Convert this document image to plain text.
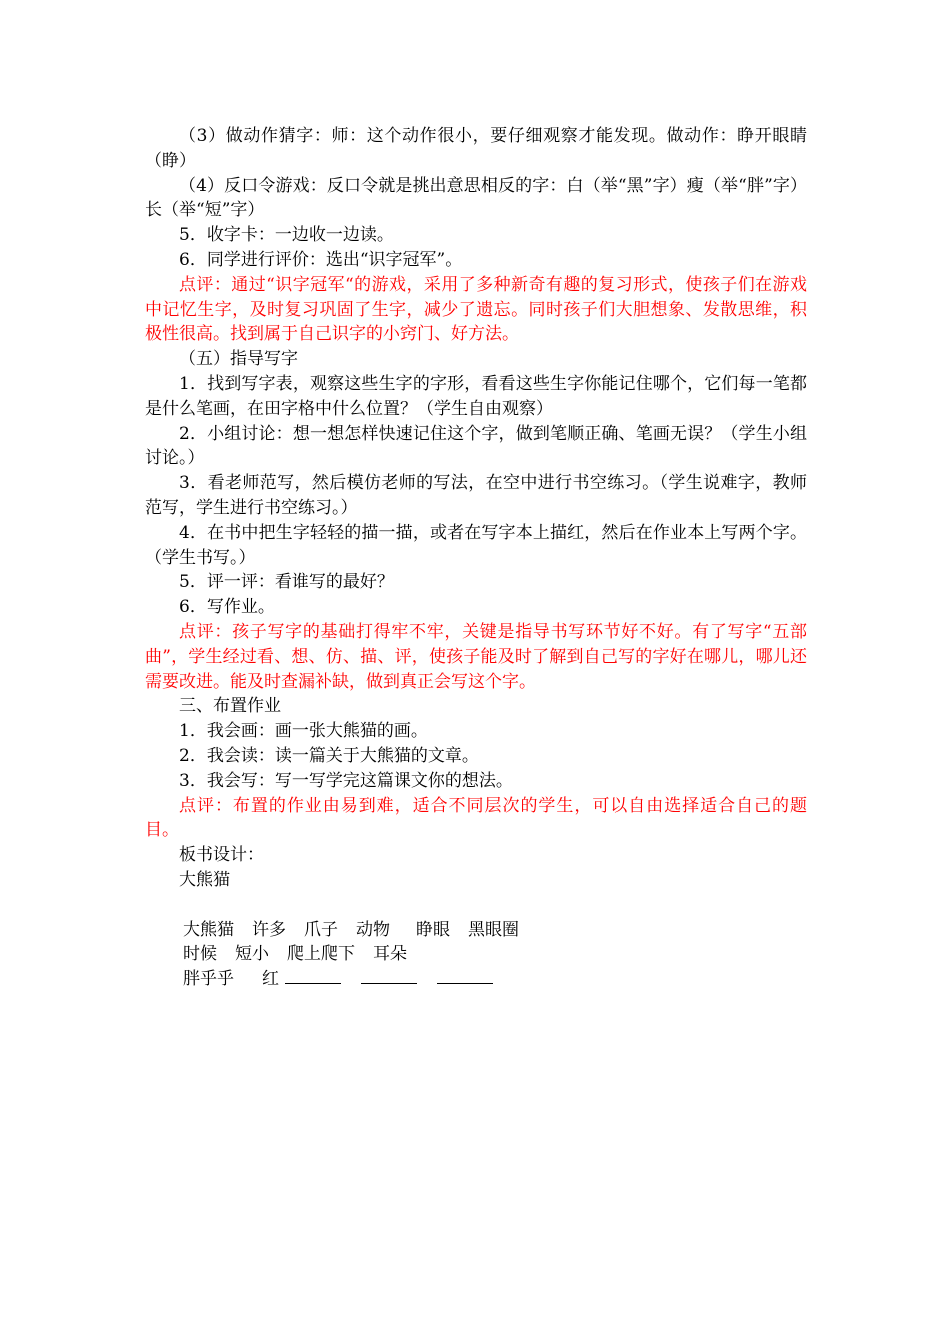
（3）做动作猜字：师：这个动作很小，要仔细观察才能发现。做动作：睁开眼睛（睁）

（4）反口令游戏：反口令就是挑出意思相反的字：白（举“黑”字）瘦（举“胖”字）长（举“短”字）

5．收字卡：一边收一边读。

6．同学进行评价：选出“识字冠军”。

点评：通过“识字冠军“的游戏，采用了多种新奇有趣的复习形式，使孩子们在游戏中记忆生字，及时复习巩固了生字，减少了遗忘。同时孩子们大胆想象、发散思维，积极性很高。找到属于自己识字的小窍门、好方法。

（五）指导写字

1．找到写字表，观察这些生字的字形，看看这些生字你能记住哪个，它们每一笔都是什么笔画，在田字格中什么位置？（学生自由观察）

2．小组讨论：想一想怎样快速记住这个字，做到笔顺正确、笔画无误？（学生小组讨论。）

3．看老师范写，然后模仿老师的写法，在空中进行书空练习。（学生说难字，教师范写，学生进行书空练习。）

4．在书中把生字轻轻的描一描，或者在写字本上描红，然后在作业本上写两个字。（学生书写。）

5．评一评：看谁写的最好？

6．写作业。

点评：孩子写字的基础打得牢不牢，关键是指导书写环节好不好。有了写字“五部曲”，学生经过看、想、仿、描、评，使孩子能及时了解到自己写的字好在哪儿，哪儿还需要改进。能及时查漏补缺，做到真正会写这个字。

三、布置作业

1．我会画：画一张大熊猫的画。

2．我会读：读一篇关于大熊猫的文章。

3．我会写：写一写学完这篇课文你的想法。

点评：布置的作业由易到难，适合不同层次的学生，可以自由选择适合自己的题目。

板书设计：

大熊猫

大熊猫 许多 爪子 动物 睁眼 黑眼圈
时候 短小 爬上爬下 耳朵
胖乎乎 红
